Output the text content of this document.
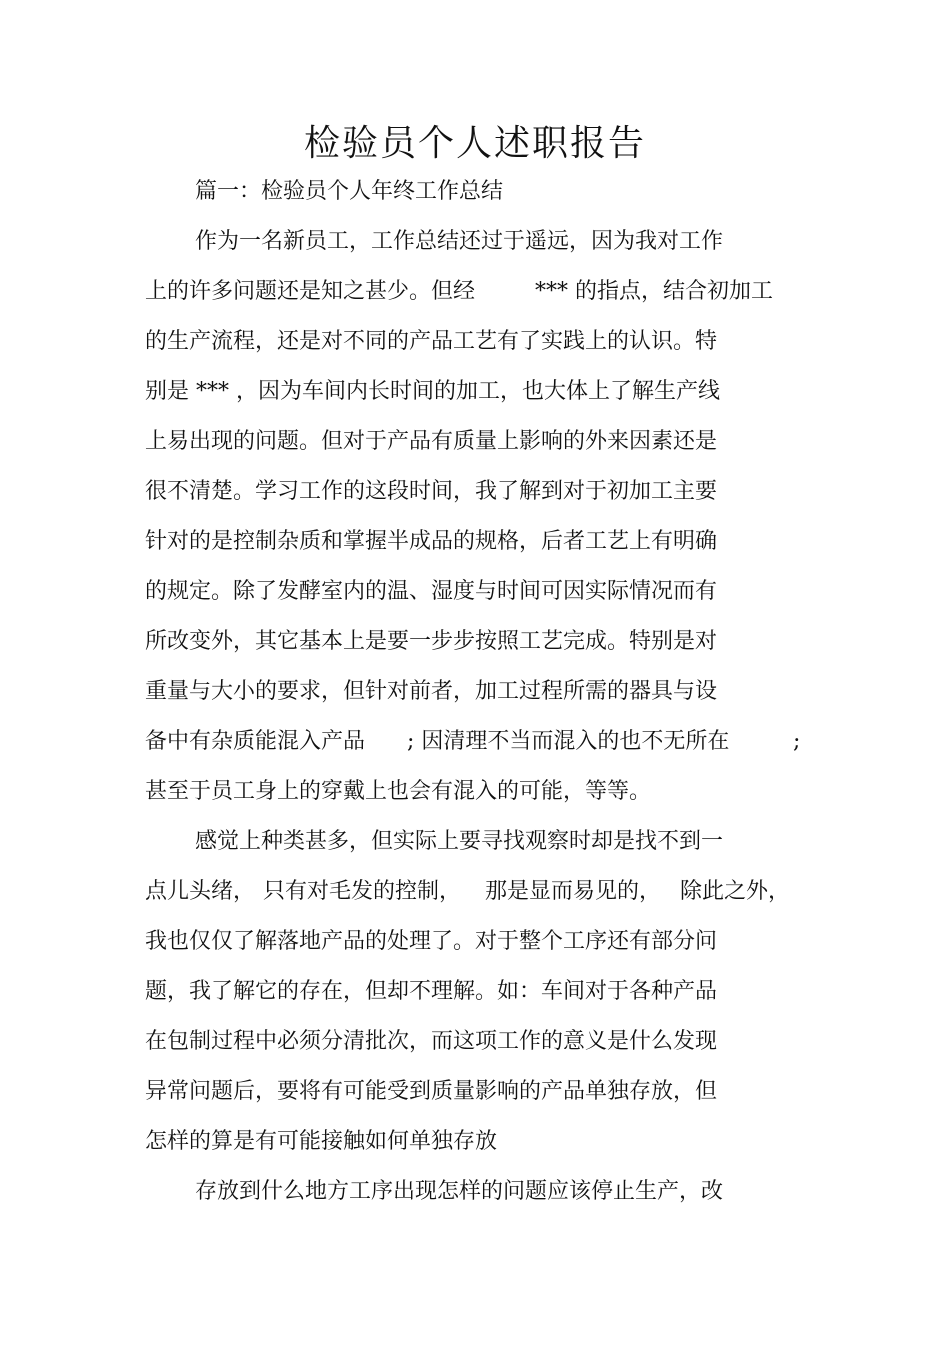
检验员个人述职报告
篇一：检验员个人年终工作总结
作为一名新员工，工作总结还过于遥远，因为我对工作
上的许多问题还是知之甚少。但经	*** 的指点，结合初加工
的生产流程，还是对不同的产品工艺有了实践上的认识。特
别是 *** ，因为车间内长时间的加工，也大体上了解生产线
上易出现的问题。但对于产品有质量上影响的外来因素还是
很不清楚。学习工作的这段时间，我了解到对于初加工主要
针对的是控制杂质和掌握半成品的规格，后者工艺上有明确
的规定。除了发酵室内的温、湿度与时间可因实际情况而有
所改变外，其它基本上是要一步步按照工艺完成。特别是对
重量与大小的要求，但针对前者，加工过程所需的器具与设
备中有杂质能混入产品 ; 因清理不当而混入的也不无所在	;
甚至于员工身上的穿戴上也会有混入的可能，等等。
感觉上种类甚多，但实际上要寻找观察时却是找不到一
点儿头绪， 只有对毛发的控制， 那是显而易见的， 除此之外，
我也仅仅了解落地产品的处理了。对于整个工序还有部分问
题，我了解它的存在，但却不理解。如：车间对于各种产品
在包制过程中必须分清批次，而这项工作的意义是什么发现
异常问题后，要将有可能受到质量影响的产品单独存放，但
怎样的算是有可能接触如何单独存放
存放到什么地方工序出现怎样的问题应该停止生产，改
